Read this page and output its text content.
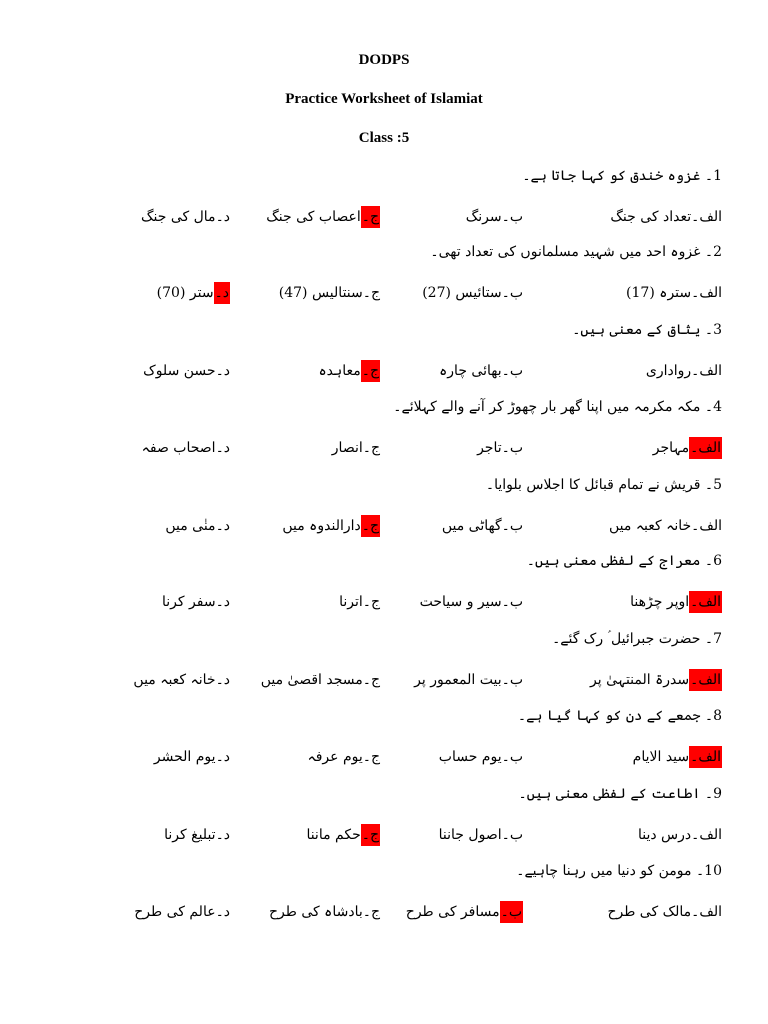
DODPS
Practice Worksheet of Islamiat
Class :5
1۔ غزوہ خندق کو کہا جاتا ہے۔
الف۔تعداد کی جنگ
ب۔سرنگ
ج۔اعصاب کی جنگ
د۔مال کی جنگ
2۔ غزوہ احد میں شہید مسلمانوں کی تعداد تھی۔
الف۔سترہ (17)
ب۔ستائیس (27)
ج۔سنتالیس (47)
د۔ستر (70)
3۔ یثاق کے معنی ہیں۔
الف۔رواداری
ب۔بھائی چارہ
ج۔معاہدہ
د۔حسن سلوک
4۔ مکہ مکرمہ میں اپنا گھر بار چھوڑ کر آنے والے کہلائے۔
الف۔مہاجر
ب۔تاجر
ج۔انصار
د۔اصحاب صفہ
5۔ قریش نے تمام قبائل کا اجلاس بلوایا۔
الف۔خانہ کعبہ میں
ب۔گھاٹی میں
ج۔دارالندوہ میں
د۔منٰی میں
6۔ معراج کے لفظی معنی ہیں۔
الف۔اوپر چڑھنا
ب۔سیر و سیاحت
ج۔اترنا
د۔سفر کرنا
7۔ حضرت جبرائیل ؑ رک گئے۔
الف۔سدرۃ المنتہیٰ پر
ب۔بیت المعمور پر
ج۔مسجد اقصیٰ میں
د۔خانہ کعبہ میں
8۔ جمعے کے دن کو کہا گیا ہے۔
الف۔سید الایام
ب۔یوم حساب
ج۔یوم عرفہ
د۔یوم الحشر
9۔ اطاعت کے لفظی معنی ہیں۔
الف۔درس دینا
ب۔اصول جاننا
ج۔حکم ماننا
د۔تبلیغ کرنا
10۔ مومن کو دنیا میں رہنا چاہیے۔
الف۔مالک کی طرح
ب۔مسافر کی طرح
ج۔بادشاہ کی طرح
د۔عالم کی طرح
